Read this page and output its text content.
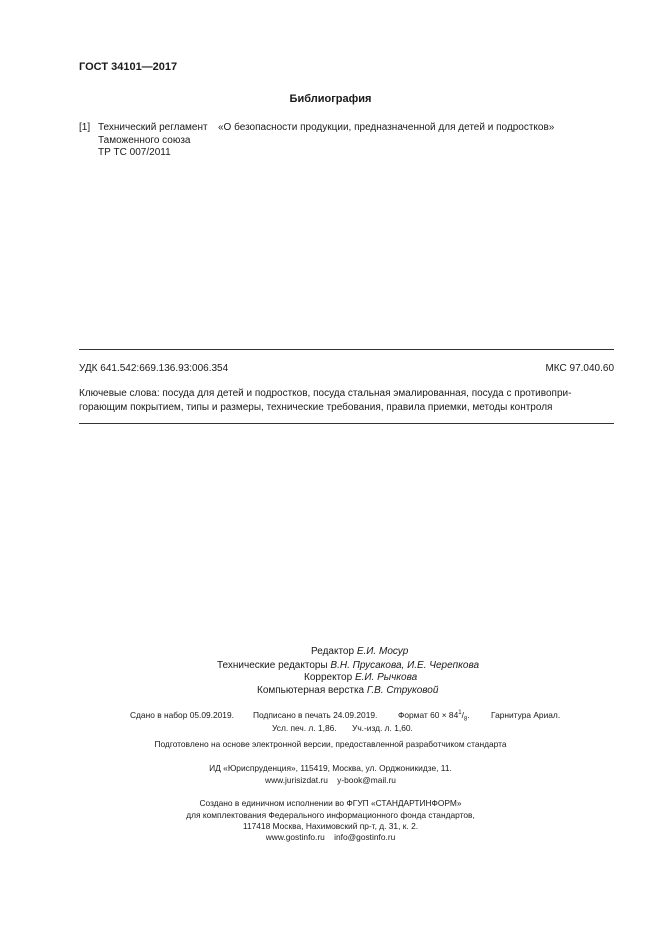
ГОСТ 34101—2017
Библиография
[1] Технический регламент
Таможенного союза
ТР ТС 007/2011
«О безопасности продукции, предназначенной для детей и подростков»
УДК 641.542:669.136.93:006.354	МКС 97.040.60
Ключевые слова: посуда для детей и подростков, посуда стальная эмалированная, посуда с противопри-
горающим покрытием, типы и размеры, технические требования, правила приемки, методы контроля
Редактор Е.И. Мосур
Технические редакторы В.Н. Прусакова, И.Е. Черепкова
Корректор Е.И. Рычкова
Компьютерная верстка Г.В. Струковой
Сдано в набор 05.09.2019. Подписано в печать 24.09.2019. Формат $60 \times 84^1/_8$.	Гарнитура Ариал.
Усл. печ. л. 1,86. Уч.-изд. л. 1,60.
Подготовлено на основе электронной версии, предоставленной разработчиком стандарта
ИД «Юриспруденция», 115419, Москва, ул. Орджоникидзе, 11.
www.jurisizdat.ru y-book@mail.ru
Создано в единичном исполнении во ФГУП «СТАНДАРТИНФОРМ»
для комплектования Федерального информационного фонда стандартов,
117418 Москва, Нахимовский пр-т, д. 31, к. 2.
www.gostinfo.ru info@gostinfo.ru
